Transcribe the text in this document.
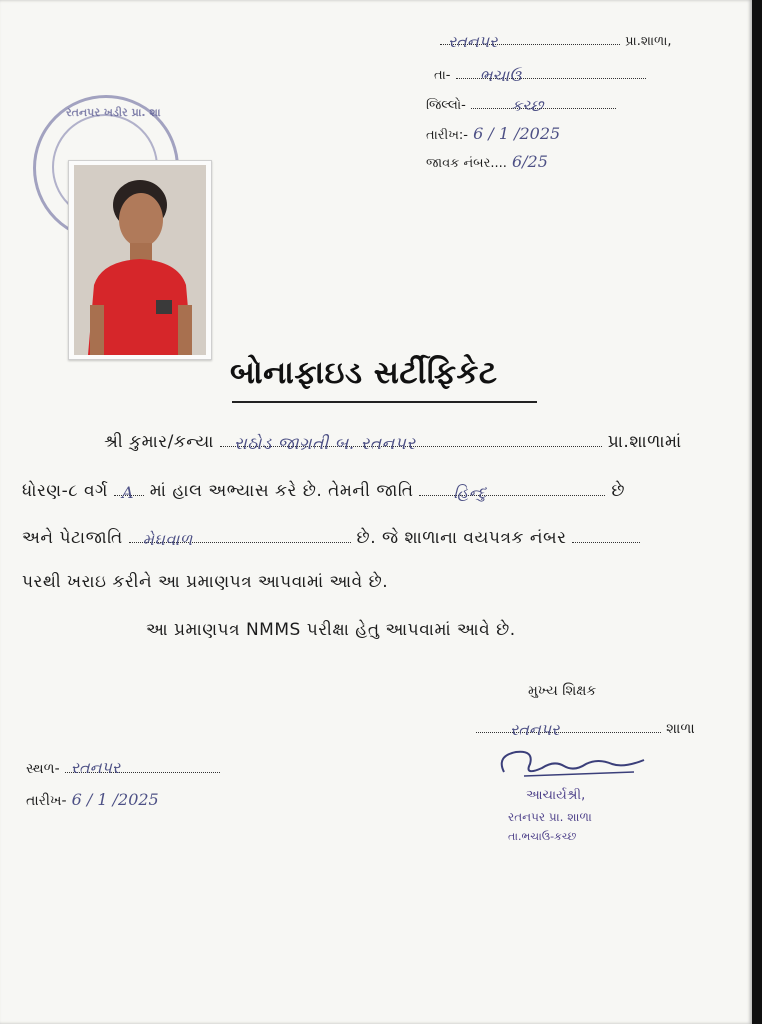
રતનપર	પ્રા.શાળા,
તા- ભચાઉ
જિલ્લો-	કચ્છ
તારીખ:- 6 / 1 /2025
જાવક નંબર.... 6/25
રતનપર ખડીર પ્રા. શા
બોનાફાઇડ સર્ટીફિકેટ
શ્રી કુમાર/કન્યા રાઠોડ જાગ્રતી બ. રતનપર	પ્રા.શાળામાં
ધોરણ-૮ વર્ગ A માં હાલ અભ્યાસ કરે છે. તેમની જાતિ હિન્દુ	છે
અને પેટાજાતિ મેઘવાળ	છે. જે શાળાના વયપત્રક નંબર
પરથી ખરાઇ કરીને આ પ્રમાણપત્ર આપવામાં આવે છે.
આ પ્રમાણપત્ર NMMS પરીક્ષા હેતુ આપવામાં આવે છે.
મુખ્ય શિક્ષક
રતનપર	શાળા
આચાર્યશ્રી,
રતનપર પ્રા. શાળા
તા.ભચાઉ-કચ્છ
સ્થળ- રતનપર
તારીખ- 6 / 1 /2025
